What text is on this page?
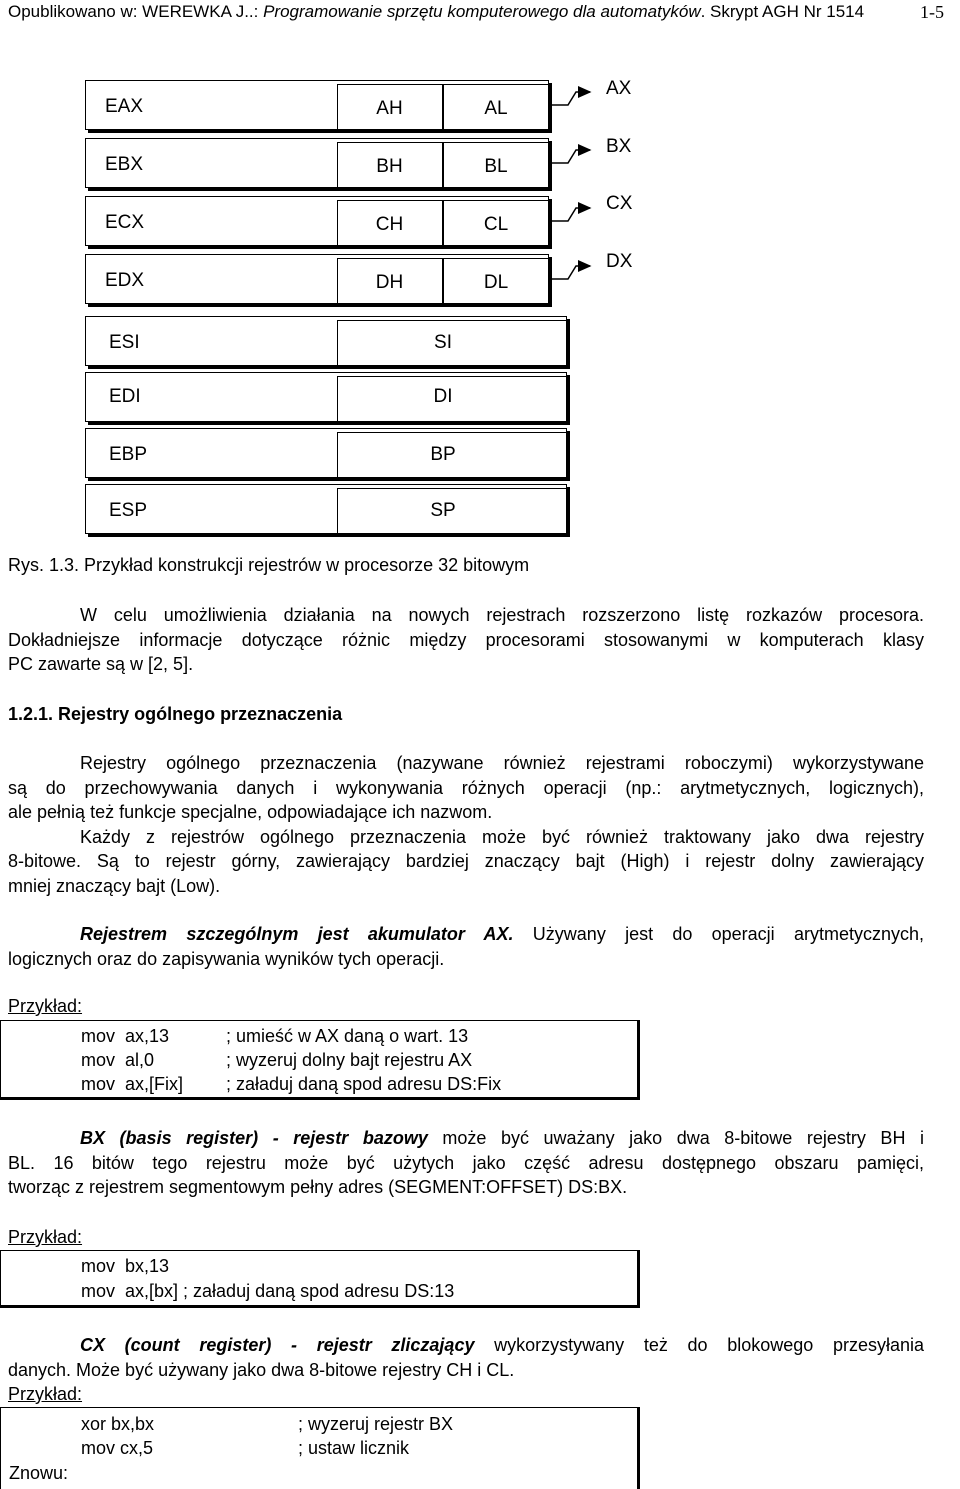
Opublikowano w: WEREWKA J..: Programowanie sprzętu komputerowego dla automatyków. Skrypt AGH Nr 1514	1-5
EAX
EBX
ECX
EDX
AH	AL
BH	BL
CH	CL
DH	DL
AX
BX
CX
DX
ESI
EDI
EBP
ESP
SI
DI
BP
SP
Rys. 1.3. Przykład konstrukcji rejestrów w procesorze 32 bitowym
W celu umożliwienia działania na nowych rejestrach rozszerzono listę rozkazów procesora.
Dokładniejsze informacje dotyczące różnic między procesorami stosowanymi w komputerach klasy
PC zawarte są w [2, 5].
1.2.1. Rejestry ogólnego przeznaczenia
Rejestry ogólnego przeznaczenia (nazywane również rejestrami roboczymi) wykorzystywane
są do przechowywania danych i wykonywania różnych operacji (np.: arytmetycznych, logicznych),
ale pełnią też funkcje specjalne, odpowiadające ich nazwom.
Każdy z rejestrów ogólnego przeznaczenia może być również traktowany jako dwa rejestry
8-bitowe. Są to rejestr górny, zawierający bardziej znaczący bajt (High) i rejestr dolny zawierający
mniej znaczący bajt (Low).
Rejestrem szczególnym jest akumulator AX. Używany jest do operacji arytmetycznych,
logicznych oraz do zapisywania wyników tych operacji.
Przykład:
mov  ax,13	; umieść w AX daną o wart. 13
mov  al,0	; wyzeruj dolny bajt rejestru AX
mov  ax,[Fix] ; załaduj daną spod adresu DS:Fix
BX (basis register) - rejestr bazowy może być uważany jako dwa 8-bitowe rejestry BH i
BL. 16 bitów tego rejestru może być użytych jako część adresu dostępnego obszaru pamięci,
tworząc z rejestrem segmentowym pełny adres (SEGMENT:OFFSET) DS:BX.
Przykład:
mov  bx,13
mov  ax,[bx] ; załaduj daną spod adresu DS:13
CX (count register) - rejestr zliczający wykorzystywany też do blokowego przesyłania
danych. Może być używany jako dwa 8-bitowe rejestry CH i CL.
Przykład:
xor bx,bx	; wyzeruj rejestr BX
mov cx,5	; ustaw licznik
Znowu:
